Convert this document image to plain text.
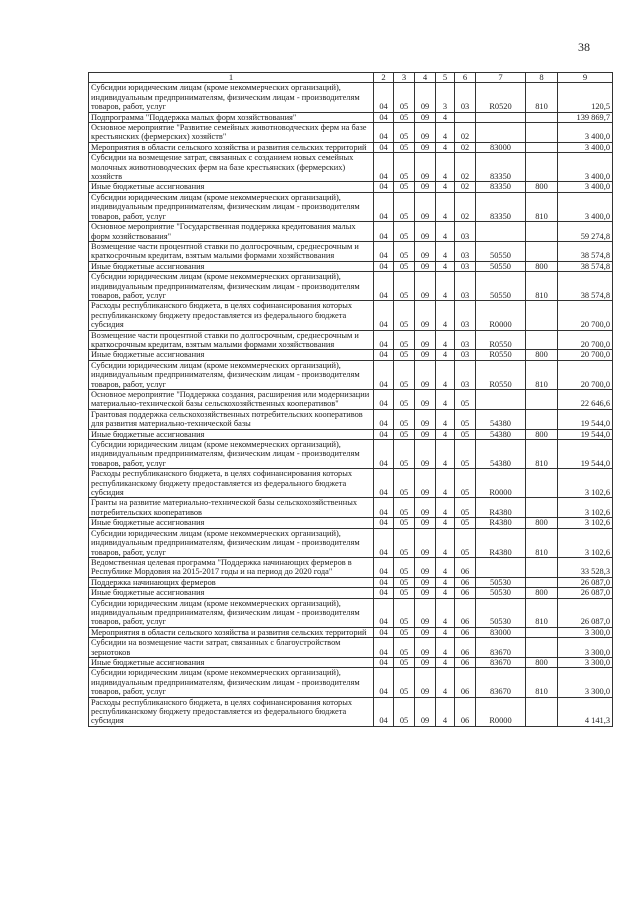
38
1	2	3	4	5	6	7	8	9
Субсидии юридическим лицам (кроме некоммерческих организаций), индивидуальным предпринимателям, физическим лицам - производителям товаров, работ, услуг	04	05	09	3	03	R0520	810	120,5
Подпрограмма "Поддержка малых форм хозяйствования"	04	05	09	4				139 869,7
Основное мероприятие "Развитие семейных животноводческих ферм на базе крестьянских (фермерских) хозяйств"	04	05	09	4	02			3 400,0
Мероприятия в области сельского хозяйства и развития сельских территорий	04	05	09	4	02	83000		3 400,0
Субсидии на возмещение затрат, связанных с созданием новых семейных молочных животноводческих ферм на базе крестьянских (фермерских) хозяйств	04	05	09	4	02	83350		3 400,0
Иные бюджетные ассигнования	04	05	09	4	02	83350	800	3 400,0
Субсидии юридическим лицам (кроме некоммерческих организаций), индивидуальным предпринимателям, физическим лицам - производителям товаров, работ, услуг	04	05	09	4	02	83350	810	3 400,0
Основное мероприятие "Государственная поддержка кредитования малых форм хозяйствования"	04	05	09	4	03			59 274,8
Возмещение части процентной ставки по долгосрочным, среднесрочным и краткосрочным кредитам, взятым малыми формами хозяйствования	04	05	09	4	03	50550		38 574,8
Иные бюджетные ассигнования	04	05	09	4	03	50550	800	38 574,8
Субсидии юридическим лицам (кроме некоммерческих организаций), индивидуальным предпринимателям, физическим лицам - производителям товаров, работ, услуг	04	05	09	4	03	50550	810	38 574,8
Расходы республиканского бюджета, в целях софинансирования которых республиканскому бюджету предоставляется из федерального бюджета субсидия	04	05	09	4	03	R0000		20 700,0
Возмещение части процентной ставки по долгосрочным, среднесрочным и краткосрочным кредитам, взятым малыми формами хозяйствования	04	05	09	4	03	R0550		20 700,0
Иные бюджетные ассигнования	04	05	09	4	03	R0550	800	20 700,0
Субсидии юридическим лицам (кроме некоммерческих организаций), индивидуальным предпринимателям, физическим лицам - производителям товаров, работ, услуг	04	05	09	4	03	R0550	810	20 700,0
Основное мероприятие "Поддержка создания, расширения или модернизации материально-технической базы сельскохозяйственных кооперативов"	04	05	09	4	05			22 646,6
Грантовая поддержка сельскохозяйственных потребительских кооперативов для развития материально-технической базы	04	05	09	4	05	54380		19 544,0
Иные бюджетные ассигнования	04	05	09	4	05	54380	800	19 544,0
Субсидии юридическим лицам (кроме некоммерческих организаций), индивидуальным предпринимателям, физическим лицам - производителям товаров, работ, услуг	04	05	09	4	05	54380	810	19 544,0
Расходы республиканского бюджета, в целях софинансирования которых республиканскому бюджету предоставляется из федерального бюджета субсидия	04	05	09	4	05	R0000		3 102,6
Гранты на развитие материально-технической базы сельскохозяйственных потребительских кооперативов	04	05	09	4	05	R4380		3 102,6
Иные бюджетные ассигнования	04	05	09	4	05	R4380	800	3 102,6
Субсидии юридическим лицам (кроме некоммерческих организаций), индивидуальным предпринимателям, физическим лицам - производителям товаров, работ, услуг	04	05	09	4	05	R4380	810	3 102,6
Ведомственная целевая программа "Поддержка начинающих фермеров в Республике Мордовия на 2015-2017 годы и на период до 2020 года"	04	05	09	4	06			33 528,3
Поддержка начинающих фермеров	04	05	09	4	06	50530		26 087,0
Иные бюджетные ассигнования	04	05	09	4	06	50530	800	26 087,0
Субсидии юридическим лицам (кроме некоммерческих организаций), индивидуальным предпринимателям, физическим лицам - производителям товаров, работ, услуг	04	05	09	4	06	50530	810	26 087,0
Мероприятия в области сельского хозяйства и развития сельских территорий	04	05	09	4	06	83000		3 300,0
Субсидии на возмещение части затрат, связанных с благоустройством зернотоков	04	05	09	4	06	83670		3 300,0
Иные бюджетные ассигнования	04	05	09	4	06	83670	800	3 300,0
Субсидии юридическим лицам (кроме некоммерческих организаций), индивидуальным предпринимателям, физическим лицам - производителям товаров, работ, услуг	04	05	09	4	06	83670	810	3 300,0
Расходы республиканского бюджета, в целях софинансирования которых республиканскому бюджету предоставляется из федерального бюджета субсидия	04	05	09	4	06	R0000		4 141,3
